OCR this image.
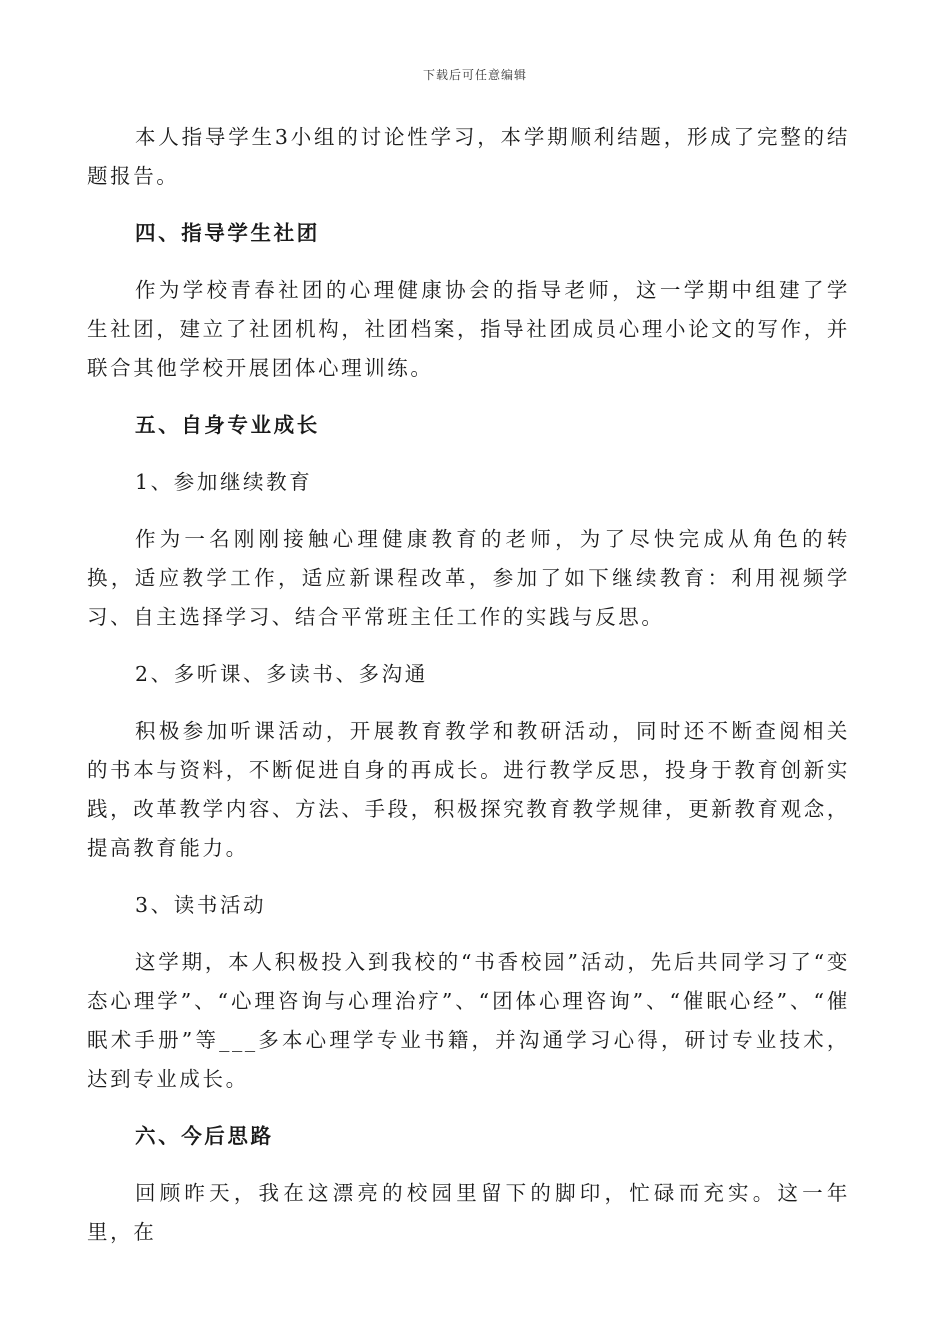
下载后可任意编辑

本人指导学生3小组的讨论性学习，本学期顺利结题，形成了完整的结题报告。

四、指导学生社团

作为学校青春社团的心理健康协会的指导老师，这一学期中组建了学生社团，建立了社团机构，社团档案，指导社团成员心理小论文的写作，并联合其他学校开展团体心理训练。

五、自身专业成长

1、参加继续教育

作为一名刚刚接触心理健康教育的老师，为了尽快完成从角色的转换，适应教学工作，适应新课程改革，参加了如下继续教育：利用视频学习、自主选择学习、结合平常班主任工作的实践与反思。

2、多听课、多读书、多沟通

积极参加听课活动，开展教育教学和教研活动，同时还不断查阅相关的书本与资料，不断促进自身的再成长。进行教学反思，投身于教育创新实践，改革教学内容、方法、手段，积极探究教育教学规律，更新教育观念，提高教育能力。

3、读书活动

这学期，本人积极投入到我校的“书香校园”活动，先后共同学习了“变态心理学”、“心理咨询与心理治疗”、“团体心理咨询”、“催眠心经”、“催眠术手册”等___多本心理学专业书籍，并沟通学习心得，研讨专业技术，达到专业成长。

六、今后思路

回顾昨天，我在这漂亮的校园里留下的脚印，忙碌而充实。这一年里，在
